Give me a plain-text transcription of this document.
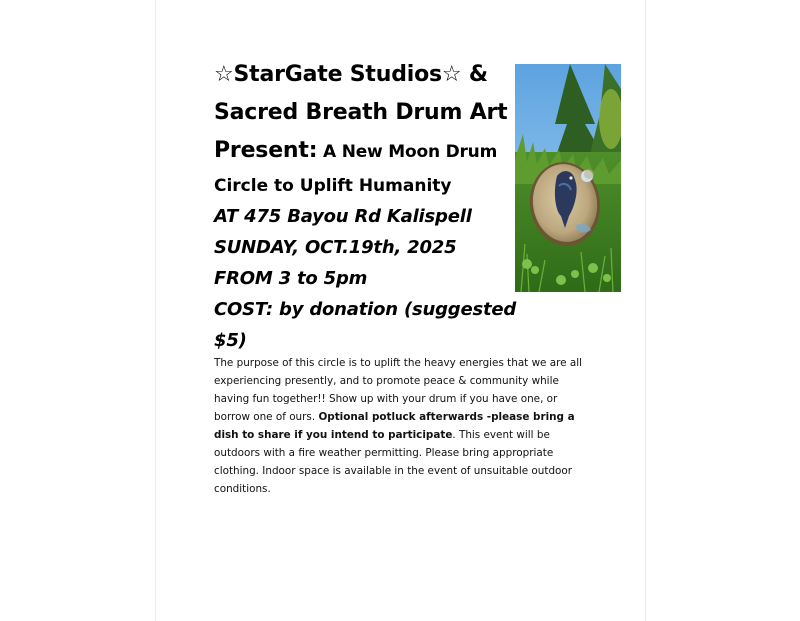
☆StarGate Studios☆ &
Sacred Breath Drum Art
Present: A New Moon Drum
Circle to Uplift Humanity
AT 475 Bayou Rd Kalispell
SUNDAY, OCT.19th, 2025
FROM 3 to 5pm
COST: by donation (suggested
$5)
The purpose of this circle is to uplift the heavy energies that we are all experiencing presently, and to promote peace & community while having fun together!! Show up with your drum if you have one, or borrow one of ours. Optional potluck afterwards -please bring a dish to share if you intend to participate. This event will be outdoors with a fire weather permitting. Please bring appropriate clothing. Indoor space is available in the event of unsuitable outdoor conditions.
